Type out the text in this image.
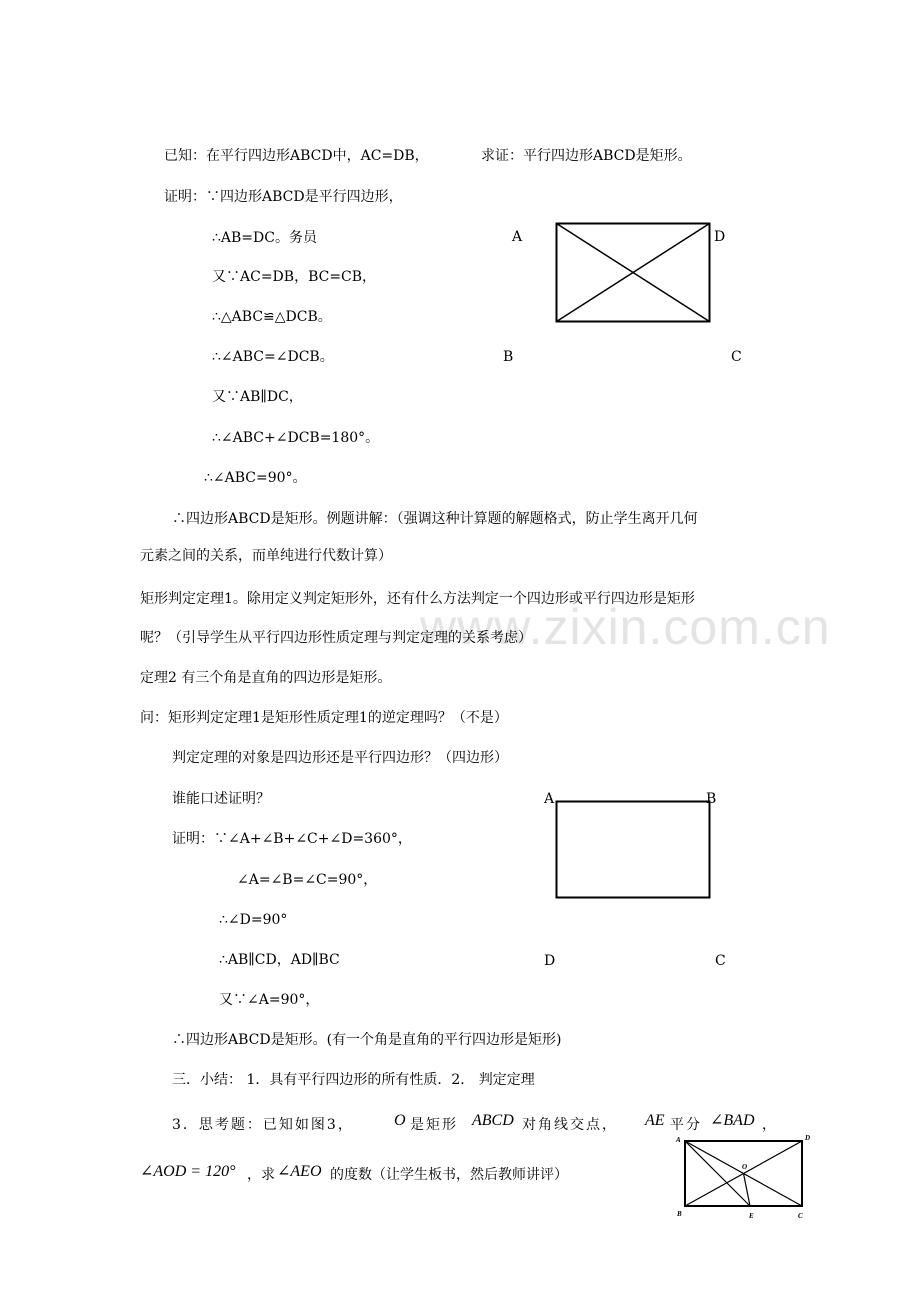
www.zixin.com.cn
已知：在平行四边形ABCD中，AC=DB，	求证：平行四边形ABCD是矩形。
证明：∵四边形ABCD是平行四边形，
∴AB=DC。务员
又∵AC=DB，BC=CB，
∴△ABC≌△DCB。
∴∠ABC=∠DCB。
又∵AB∥DC，
∴∠ABC+∠DCB=180°。
∴∠ABC=90°。
∴四边形ABCD是矩形。例题讲解：（强调这种计算题的解题格式，防止学生离开几何
元素之间的关系，而单纯进行代数计算）
矩形判定定理1。除用定义判定矩形外，还有什么方法判定一个四边形或平行四边形是矩形
呢？（引导学生从平行四边形性质定理与判定定理的关系考虑）
定理2 有三个角是直角的四边形是矩形。
问：矩形判定定理1是矩形性质定理1的逆定理吗？（不是）
判定定理的对象是四边形还是平行四边形？（四边形）
谁能口述证明？
证明：∵∠A+∠B+∠C+∠D=360°，
∠A=∠B=∠C=90°，
∴∠D=90°
∴AB∥CD，AD∥BC
又∵∠A=90°，
∴四边形ABCD是矩形。(有一个角是直角的平行四边形是矩形)
三．小结： 1．具有平行四边形的所有性质．2． 判定定理
3．思考题：已知如图3，	O 是矩形 ABCD 对角线交点， AE 平分 ∠BAD ，
∠AOD = 120° ，求 ∠AEO 的度数（让学生板书，然后教师讲评）
A	D
B	C
A	B
D	C
A	D
O
B	E	C
